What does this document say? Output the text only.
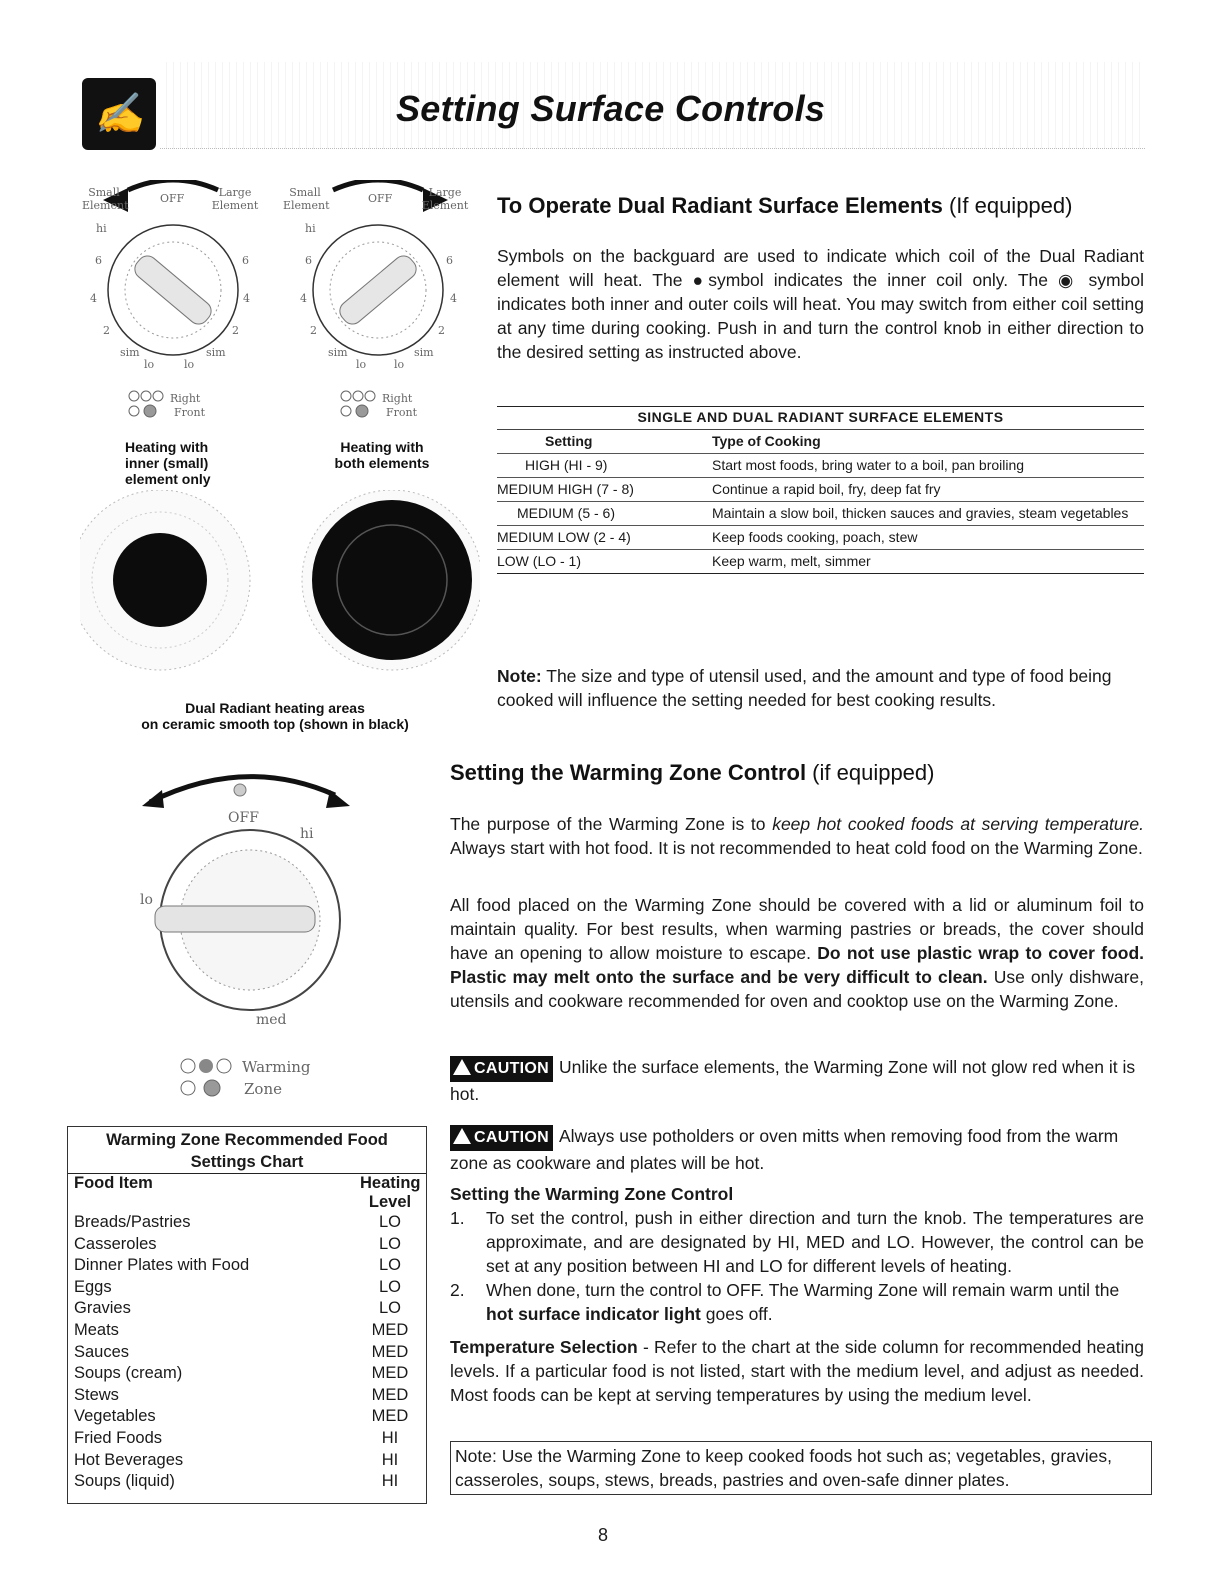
✍	Setting Surface Controls
Small Element
Large Element
OFF	Small Element
Large Element
OFF
hi	hi
6	6
4	4
2	2
sim	sim
lo	lo
6	6
4	4
2	2
sim	sim
lo	lo
Right
Front
Right
Front
Heating with
inner (small)
element only
Heating with
both elements
Dual Radiant heating areas
on ceramic smooth top (shown in black)
To Operate Dual Radiant Surface Elements (If equipped)
Symbols on the backguard are used to indicate which coil of the Dual Radiant element will heat. The ●symbol indicates the inner coil only. The ◉ symbol indicates both inner and outer coils will heat. You may switch from either coil setting at any time during cooking. Push in and turn the control knob in either direction to the desired setting as instructed above.
SINGLE AND DUAL RADIANT SURFACE ELEMENTS
Setting	Type of Cooking
HIGH (HI - 9)	Start most foods, bring water to a boil, pan broiling
MEDIUM HIGH (7 - 8)	Continue a rapid boil, fry, deep fat fry
MEDIUM (5 - 6)	Maintain a slow boil, thicken sauces and gravies, steam vegetables
MEDIUM LOW (2 - 4)	Keep foods cooking, poach, stew
LOW (LO - 1)	Keep warm, melt, simmer
Note: The size and type of utensil used, and the amount and type of food being cooked will influence the setting needed for best cooking results.
OFF
hi
lo
med
Warming
Zone
Warming Zone Recommended Food
Settings Chart
Food Item	Heating
Level
Breads/Pastries	LO
Casseroles	LO
Dinner Plates with Food	LO
Eggs	LO
Gravies	LO
Meats	MED
Sauces	MED
Soups (cream)	MED
Stews	MED
Vegetables	MED
Fried Foods	HI
Hot Beverages	HI
Soups (liquid)	HI
Setting the Warming Zone Control (if equipped)
The purpose of the Warming Zone is to keep hot cooked foods at serving temperature. Always start with hot food. It is not recommended to heat cold food on the Warming Zone.
All food placed on the Warming Zone should be covered with a lid or aluminum foil to maintain quality. For best results, when warming pastries or breads, the cover should have an opening to allow moisture to escape. Do not use plastic wrap to cover food. Plastic may melt onto the surface and be very difficult to clean. Use only dishware, utensils and cookware recommended for oven and cooktop use on the Warming Zone.
CAUTION Unlike the surface elements, the Warming Zone will not glow red when it is hot.
CAUTION Always use potholders or oven mitts when removing food from the warm zone as cookware and plates will be hot.
Setting the Warming Zone Control
1.	To set the control, push in either direction and turn the knob. The temperatures are approximate, and are designated by HI, MED and LO. However, the control can be set at any position between HI and LO for different levels of heating.
2.	When done, turn the control to OFF. The Warming Zone will remain warm until the hot surface indicator light goes off.
Temperature Selection - Refer to the chart at the side column for recommended heating levels. If a particular food is not listed, start with the medium level, and adjust as needed. Most foods can be kept at serving temperatures by using the medium level.
Note: Use the Warming Zone to keep cooked foods hot such as; vegetables, gravies, casseroles, soups, stews, breads, pastries and oven-safe dinner plates.
8
